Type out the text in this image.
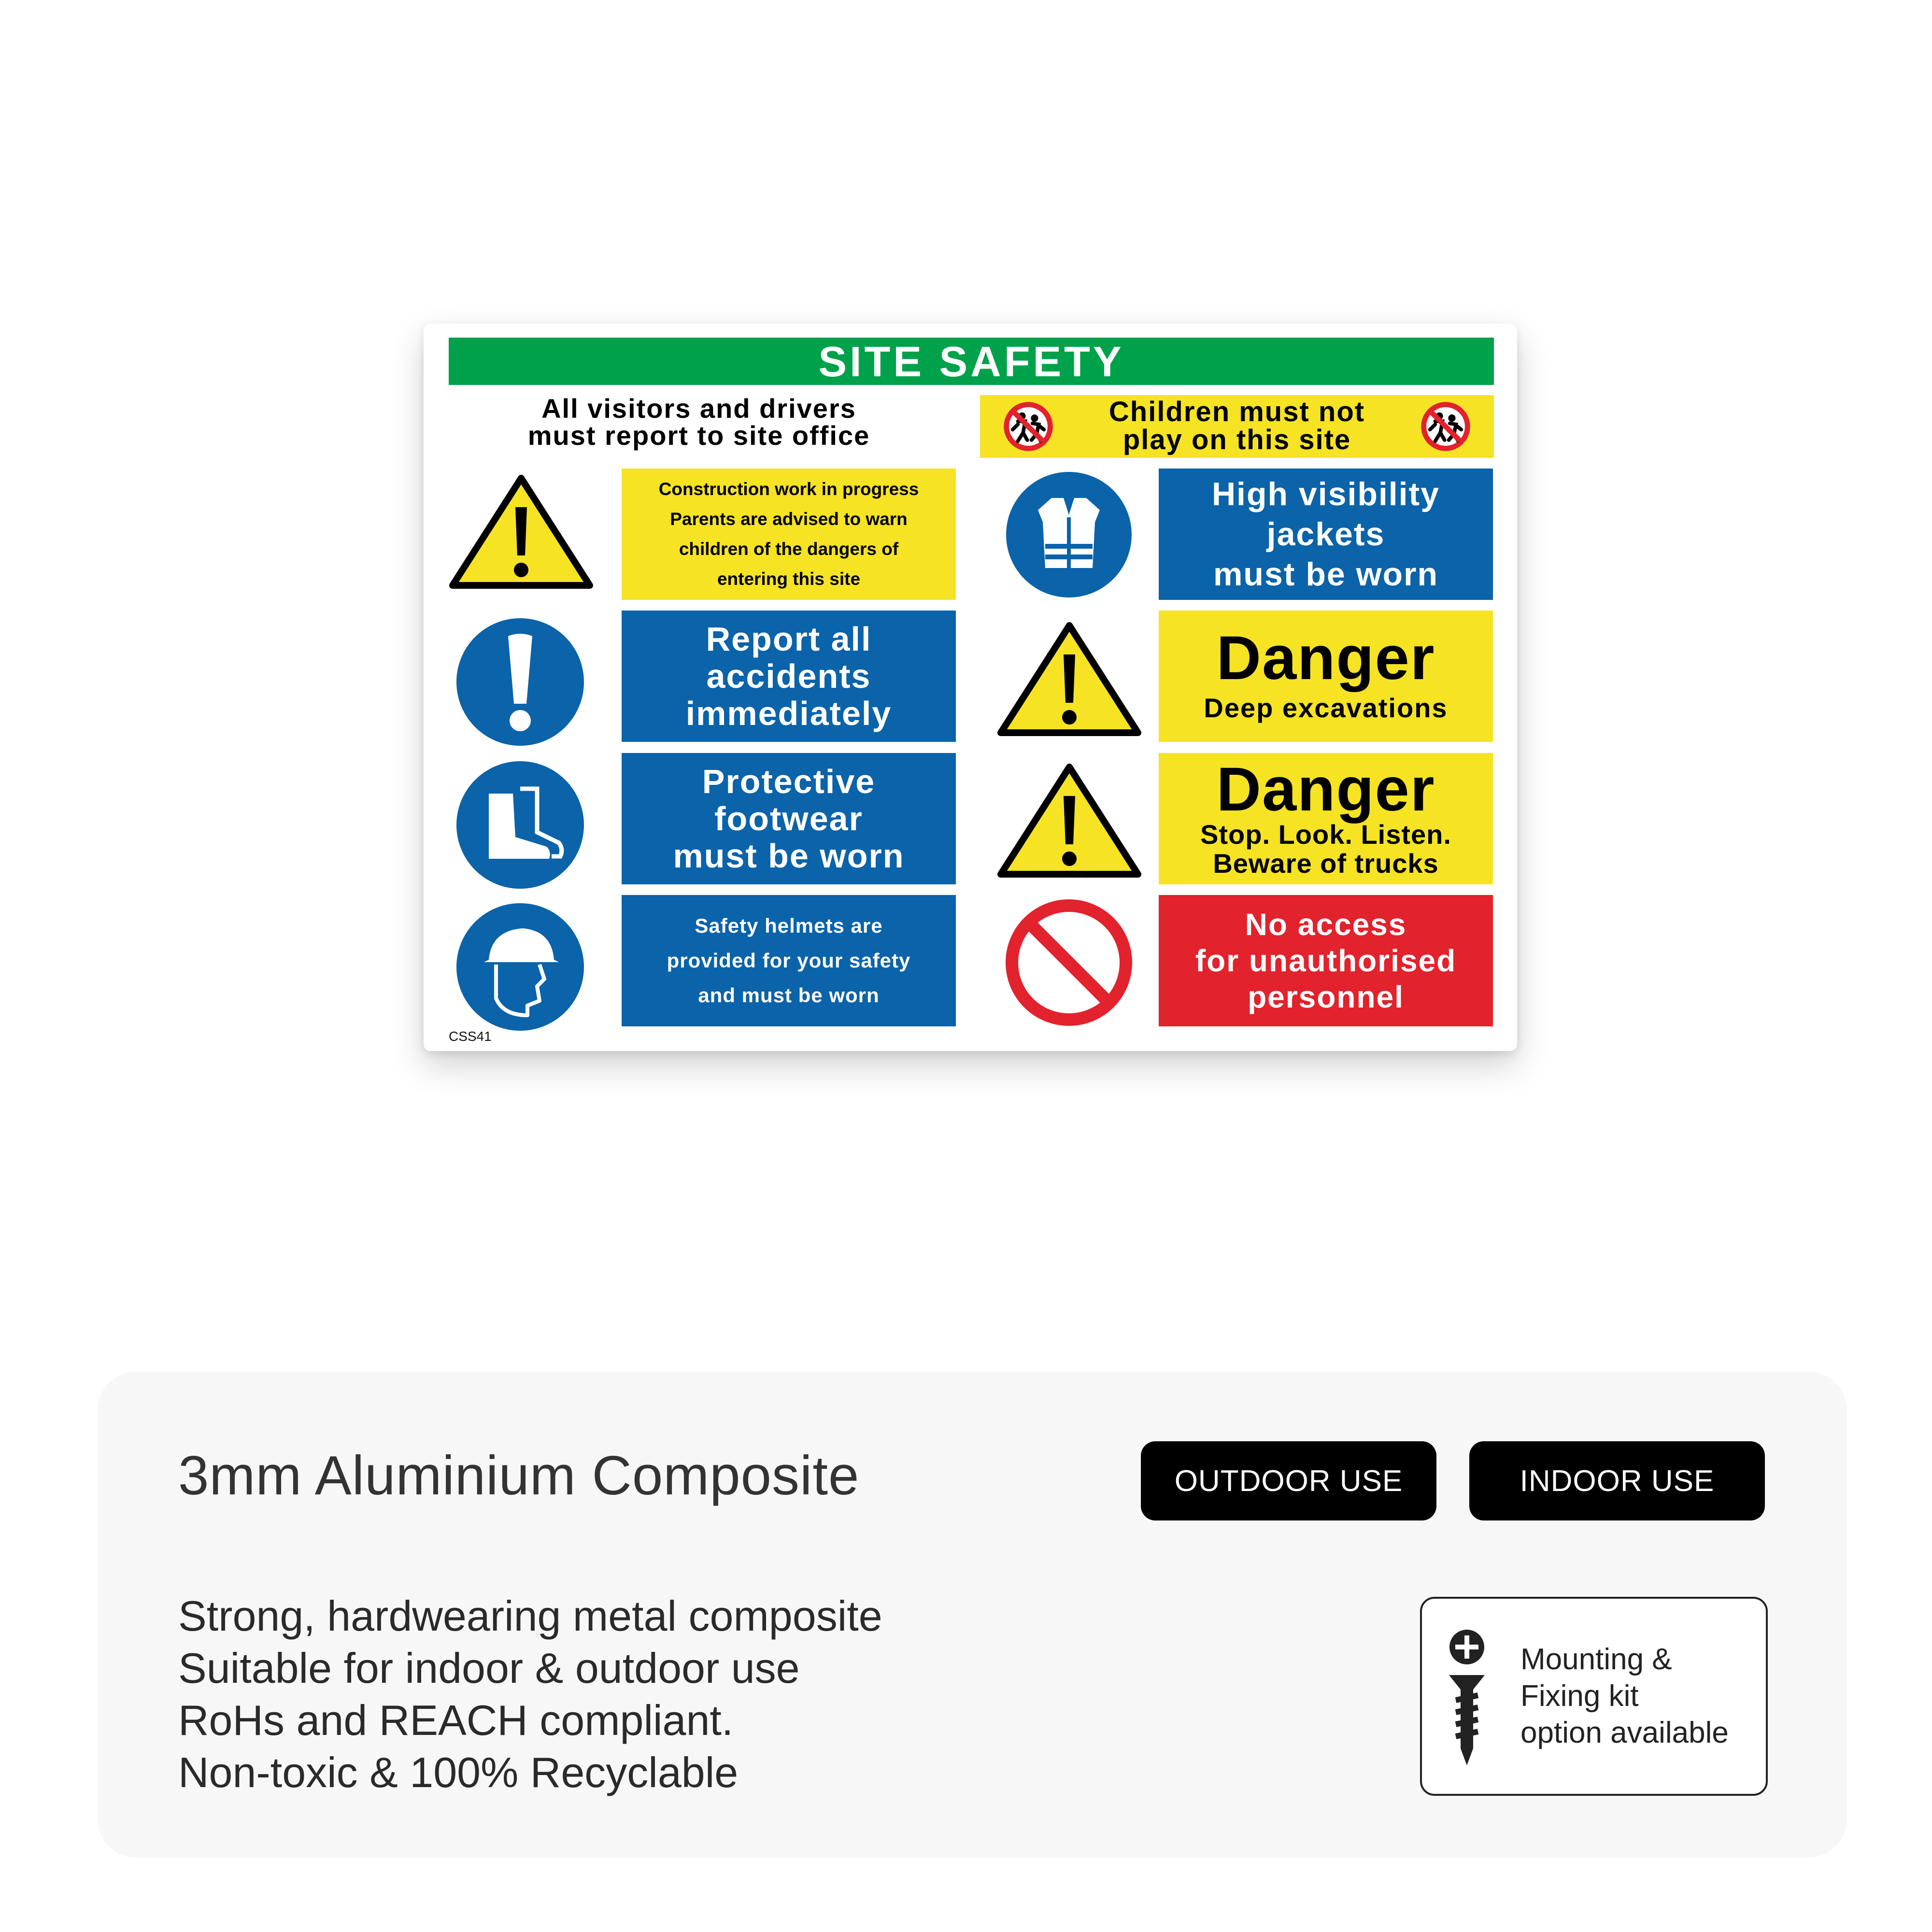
SITE SAFETY
All visitors and drivers
must report to site office
Children must not
play on this site
Construction work in progress
Parents are advised to warn
children of the dangers of
entering this site
Report all
accidents
immediately
Protective
footwear
must be worn
Safety helmets are
provided for your safety
and must be worn
High visibility
jackets
must be worn
Danger
Deep excavations
Danger
Stop. Look. Listen.
Beware of trucks
No access
for unauthorised
personnel
CSS41
3mm Aluminium Composite	OUTDOOR USE	INDOOR USE
Strong, hardwearing metal composite
Suitable for indoor & outdoor use
RoHs and REACH compliant.
Non-toxic & 100% Recyclable
Mounting &
Fixing kit
option available
